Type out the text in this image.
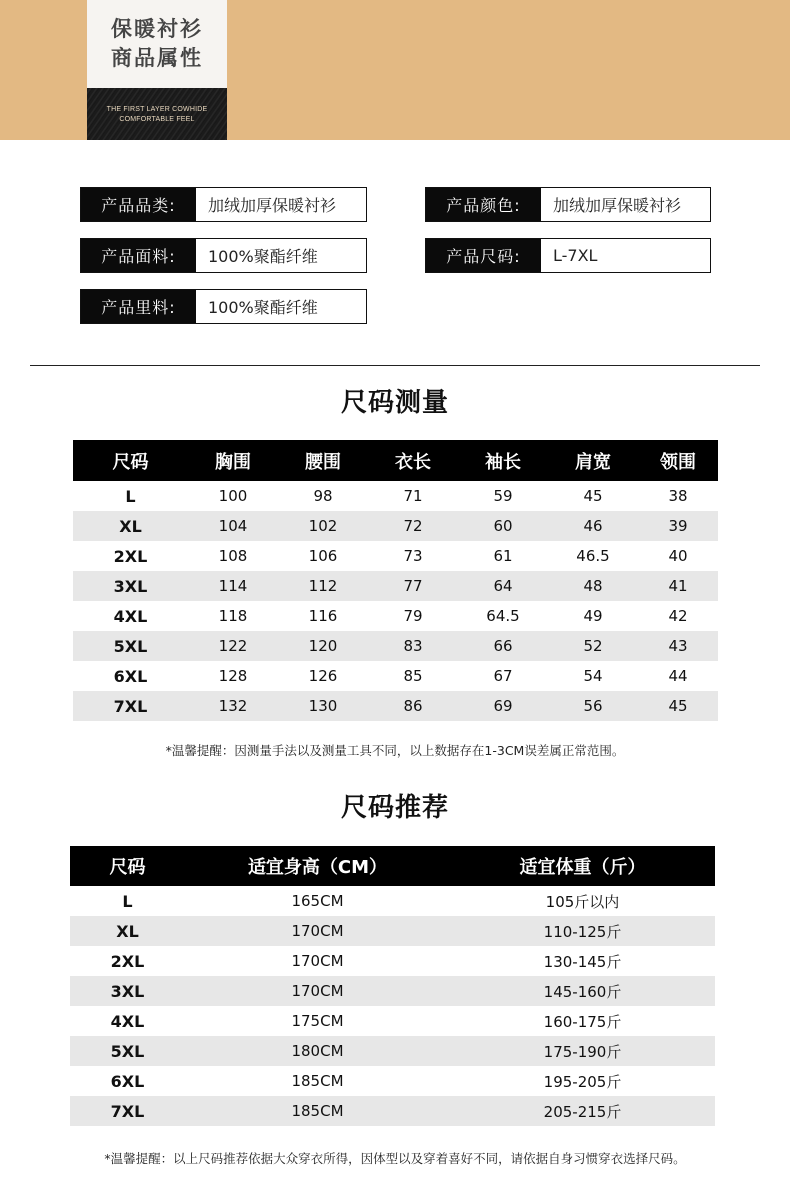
保暖衬衫
商品属性
THE FIRST LAYER COWHIDE
COMFORTABLE FEEL
产品品类:	加绒加厚保暖衬衫	产品颜色:	加绒加厚保暖衬衫
产品面料:	100%聚酯纤维	产品尺码:	L-7XL
产品里料:	100%聚酯纤维
尺码测量
尺码	胸围	腰围	衣长	袖长	肩宽	领围
L	100	98	71	59	45	38
XL	104	102	72	60	46	39
2XL	108	106	73	61	46.5	40
3XL	114	112	77	64	48	41
4XL	118	116	79	64.5	49	42
5XL	122	120	83	66	52	43
6XL	128	126	85	67	54	44
7XL	132	130	86	69	56	45
*温馨提醒：因测量手法以及测量工具不同，以上数据存在1-3CM误差属正常范围。
尺码推荐
尺码	适宜身高（CM）	适宜体重（斤）
L	165CM	105斤以内
XL	170CM	110-125斤
2XL	170CM	130-145斤
3XL	170CM	145-160斤
4XL	175CM	160-175斤
5XL	180CM	175-190斤
6XL	185CM	195-205斤
7XL	185CM	205-215斤
*温馨提醒：以上尺码推荐依据大众穿衣所得，因体型以及穿着喜好不同，请依据自身习惯穿衣选择尺码。
